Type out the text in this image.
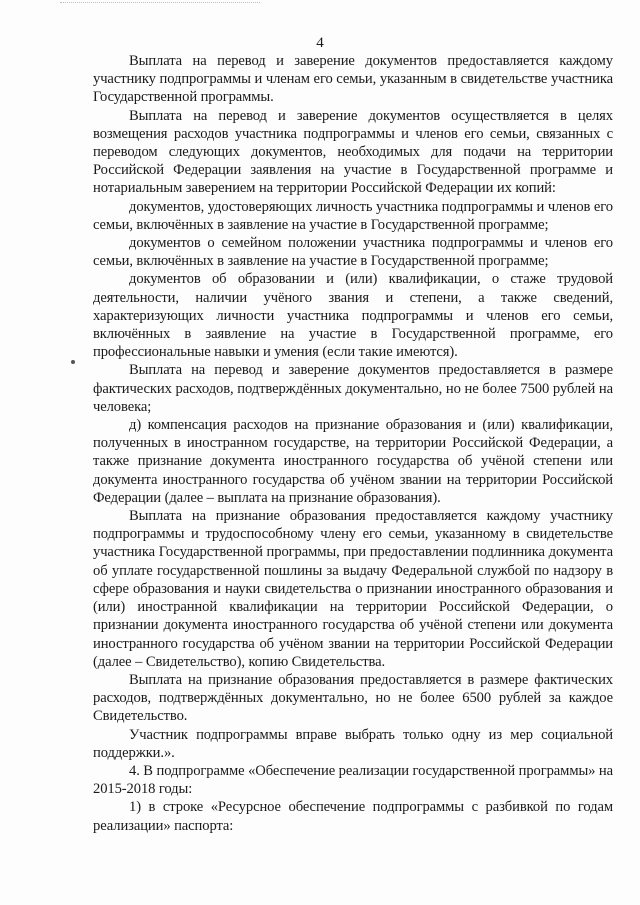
4

Выплата на перевод и заверение документов предоставляется каждому участнику подпрограммы и членам его семьи, указанным в свидетельстве участника Государственной программы.

Выплата на перевод и заверение документов осуществляется в целях возмещения расходов участника подпрограммы и членов его семьи, связанных с переводом следующих документов, необходимых для подачи на территории Российской Федерации заявления на участие в Государственной программе и нотариальным заверением на территории Российской Федерации их копий:

документов, удостоверяющих личность участника подпрограммы и членов его семьи, включённых в заявление на участие в Государственной программе;

документов о семейном положении участника подпрограммы и членов его семьи, включённых в заявление на участие в Государственной программе;

документов об образовании и (или) квалификации, о стаже трудовой деятельности, наличии учёного звания и степени, а также сведений, характеризующих личности участника подпрограммы и членов его семьи, включённых в заявление на участие в Государственной программе, его профессиональные навыки и умения (если такие имеются).

Выплата на перевод и заверение документов предоставляется в размере фактических расходов, подтверждённых документально, но не более 7500 рублей на человека;

д) компенсация расходов на признание образования и (или) квалификации, полученных в иностранном государстве, на территории Российской Федерации, а также признание документа иностранного государства об учёной степени или документа иностранного государства об учёном звании на территории Российской Федерации (далее – выплата на признание образования).

Выплата на признание образования предоставляется каждому участнику подпрограммы и трудоспособному члену его семьи, указанному в свидетельстве участника Государственной программы, при предоставлении подлинника документа об уплате государственной пошлины за выдачу Федеральной службой по надзору в сфере образования и науки свидетельства о признании иностранного образования и (или) иностранной квалификации на территории Российской Федерации, о признании документа иностранного государства об учёной степени или документа иностранного государства об учёном звании на территории Российской Федерации (далее – Свидетельство), копию Свидетельства.

Выплата на признание образования предоставляется в размере фактических расходов, подтверждённых документально, но не более 6500 рублей за каждое Свидетельство.

Участник подпрограммы вправе выбрать только одну из мер социальной поддержки.».

4. В подпрограмме «Обеспечение реализации государственной программы» на 2015-2018 годы:

1) в строке «Ресурсное обеспечение подпрограммы с разбивкой по годам реализации» паспорта:
